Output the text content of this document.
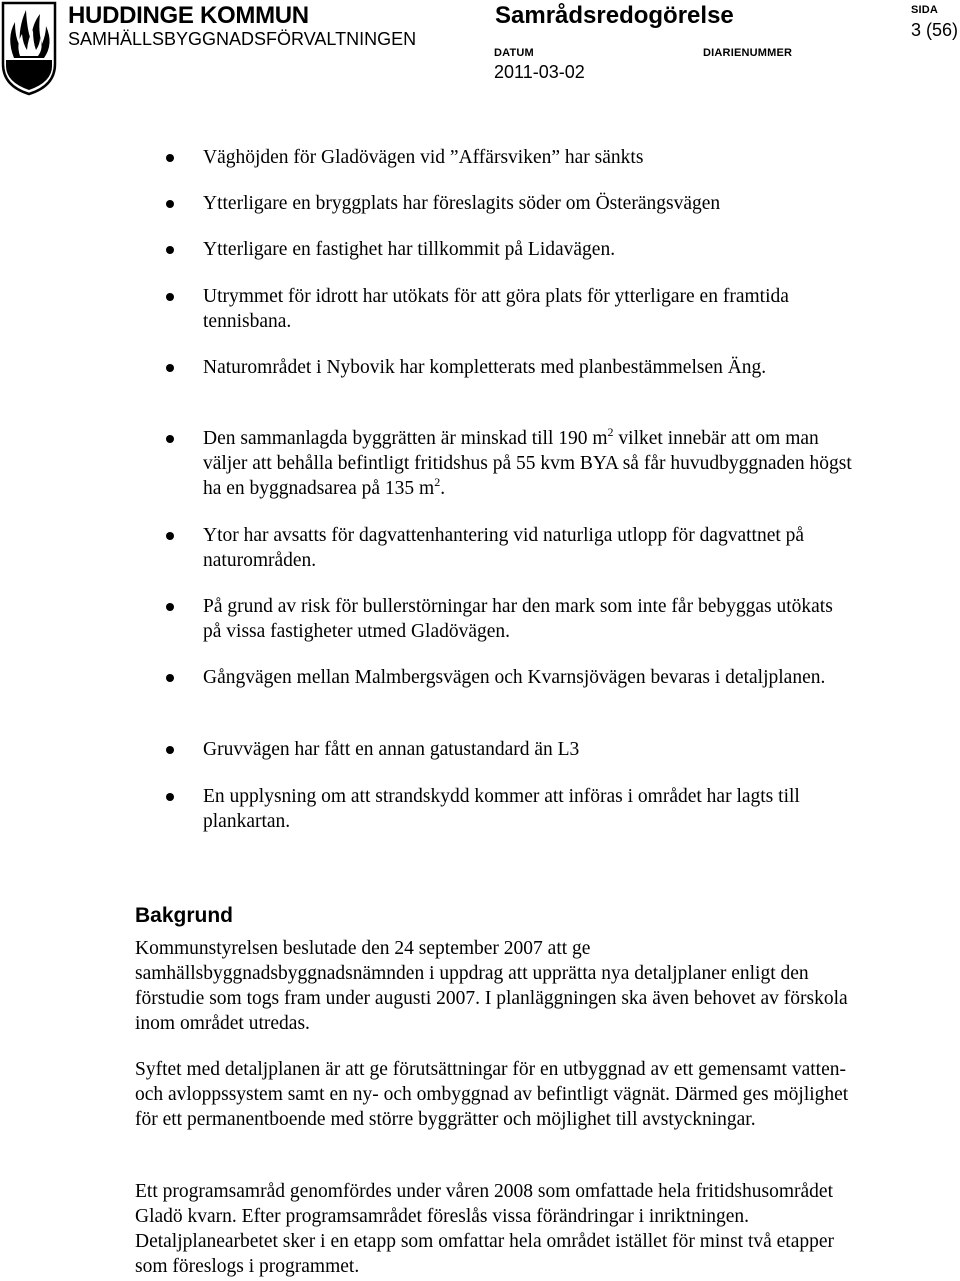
HUDDINGE KOMMUN
SAMHÄLLSBYGGNADSFÖRVALTNINGEN
Samrådsredogörelse
DATUM
2011-03-02
DIARIENUMMER
SIDA
3 (56)
Väghöjden för Gladövägen vid ”Affärsviken” har sänkts
Ytterligare en bryggplats har föreslagits söder om Österängsvägen
Ytterligare en fastighet har tillkommit på Lidavägen.
Utrymmet för idrott har utökats för att göra plats för ytterligare en framtida tennisbana.
Naturområdet i Nybovik har kompletterats med planbestämmelsen Äng.
Den sammanlagda byggrätten är minskad till 190 $m^2$ vilket innebär att om man väljer att behålla befintligt fritidshus på 55 kvm BYA så får huvudbyggnaden högst ha en byggnadsarea på 135 $m^2$.
Ytor har avsatts för dagvattenhantering vid naturliga utlopp för dagvattnet på naturområden.
På grund av risk för bullerstörningar har den mark som inte får bebyggas utökats på vissa fastigheter utmed Gladövägen.
Gångvägen mellan Malmbergsvägen och Kvarnsjövägen bevaras i detaljplanen.
Gruvvägen har fått en annan gatustandard än L3
En upplysning om att strandskydd kommer att införas i området har lagts till plankartan.
Bakgrund

Kommunstyrelsen beslutade den 24 september 2007 att ge samhällsbyggnadsbyggnadsnämnden i uppdrag att upprätta nya detaljplaner enligt den förstudie som togs fram under augusti 2007. I planläggningen ska även behovet av förskola inom området utredas.

Syftet med detaljplanen är att ge förutsättningar för en utbyggnad av ett gemensamt vatten- och avloppssystem samt en ny- och ombyggnad av befintligt vägnät. Därmed ges möjlighet för ett permanentboende med större byggrätter och möjlighet till avstyckningar.

Ett programsamråd genomfördes under våren 2008 som omfattade hela fritidshusområdet Gladö kvarn. Efter programsamrådet föreslås vissa förändringar i inriktningen. Detaljplanearbetet sker i en etapp som omfattar hela området istället för minst två etapper som föreslogs i programmet.
